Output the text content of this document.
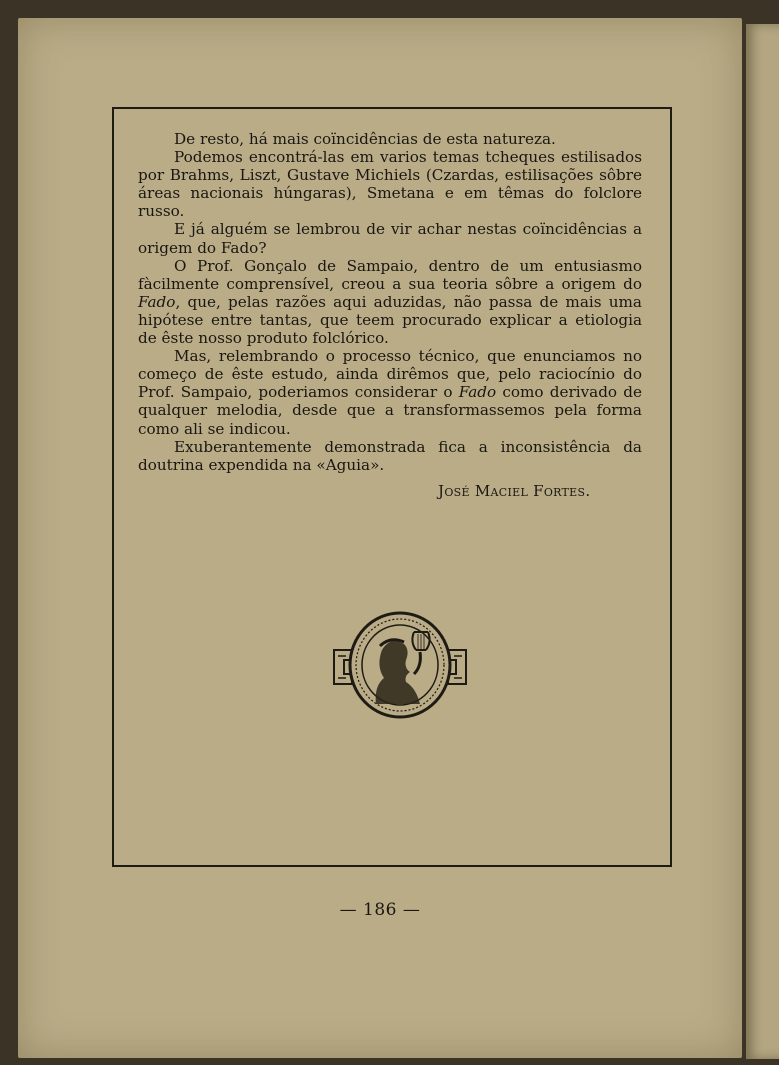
De resto, há mais coïncidências de esta natureza.

Podemos encontrá-las em varios temas tcheques estilisados por Brahms, Liszt, Gustave Michiels (Czardas, estilisações sôbre áreas nacionais húngaras), Smetana e em têmas do folclore russo.

E já alguém se lembrou de vir achar nestas coïncidências a origem do Fado?

O Prof. Gonçalo de Sampaio, dentro de um entusiasmo fàcilmente comprensível, creou a sua teoria sôbre a origem do Fado, que, pelas razões aqui aduzidas, não passa de mais uma hipótese entre tantas, que teem procurado explicar a etiologia de êste nosso produto folclórico.

Mas, relembrando o processo técnico, que enunciamos no começo de êste estudo, ainda dirêmos que, pelo raciocínio do Prof. Sampaio, poderiamos considerar o Fado como derivado de qualquer melodia, desde que a transformassemos pela forma como ali se indicou.

Exuberantemente demonstrada fica a inconsistência da doutrina expendida na «Aguia».

José Maciel Fortes.
— 186 —
